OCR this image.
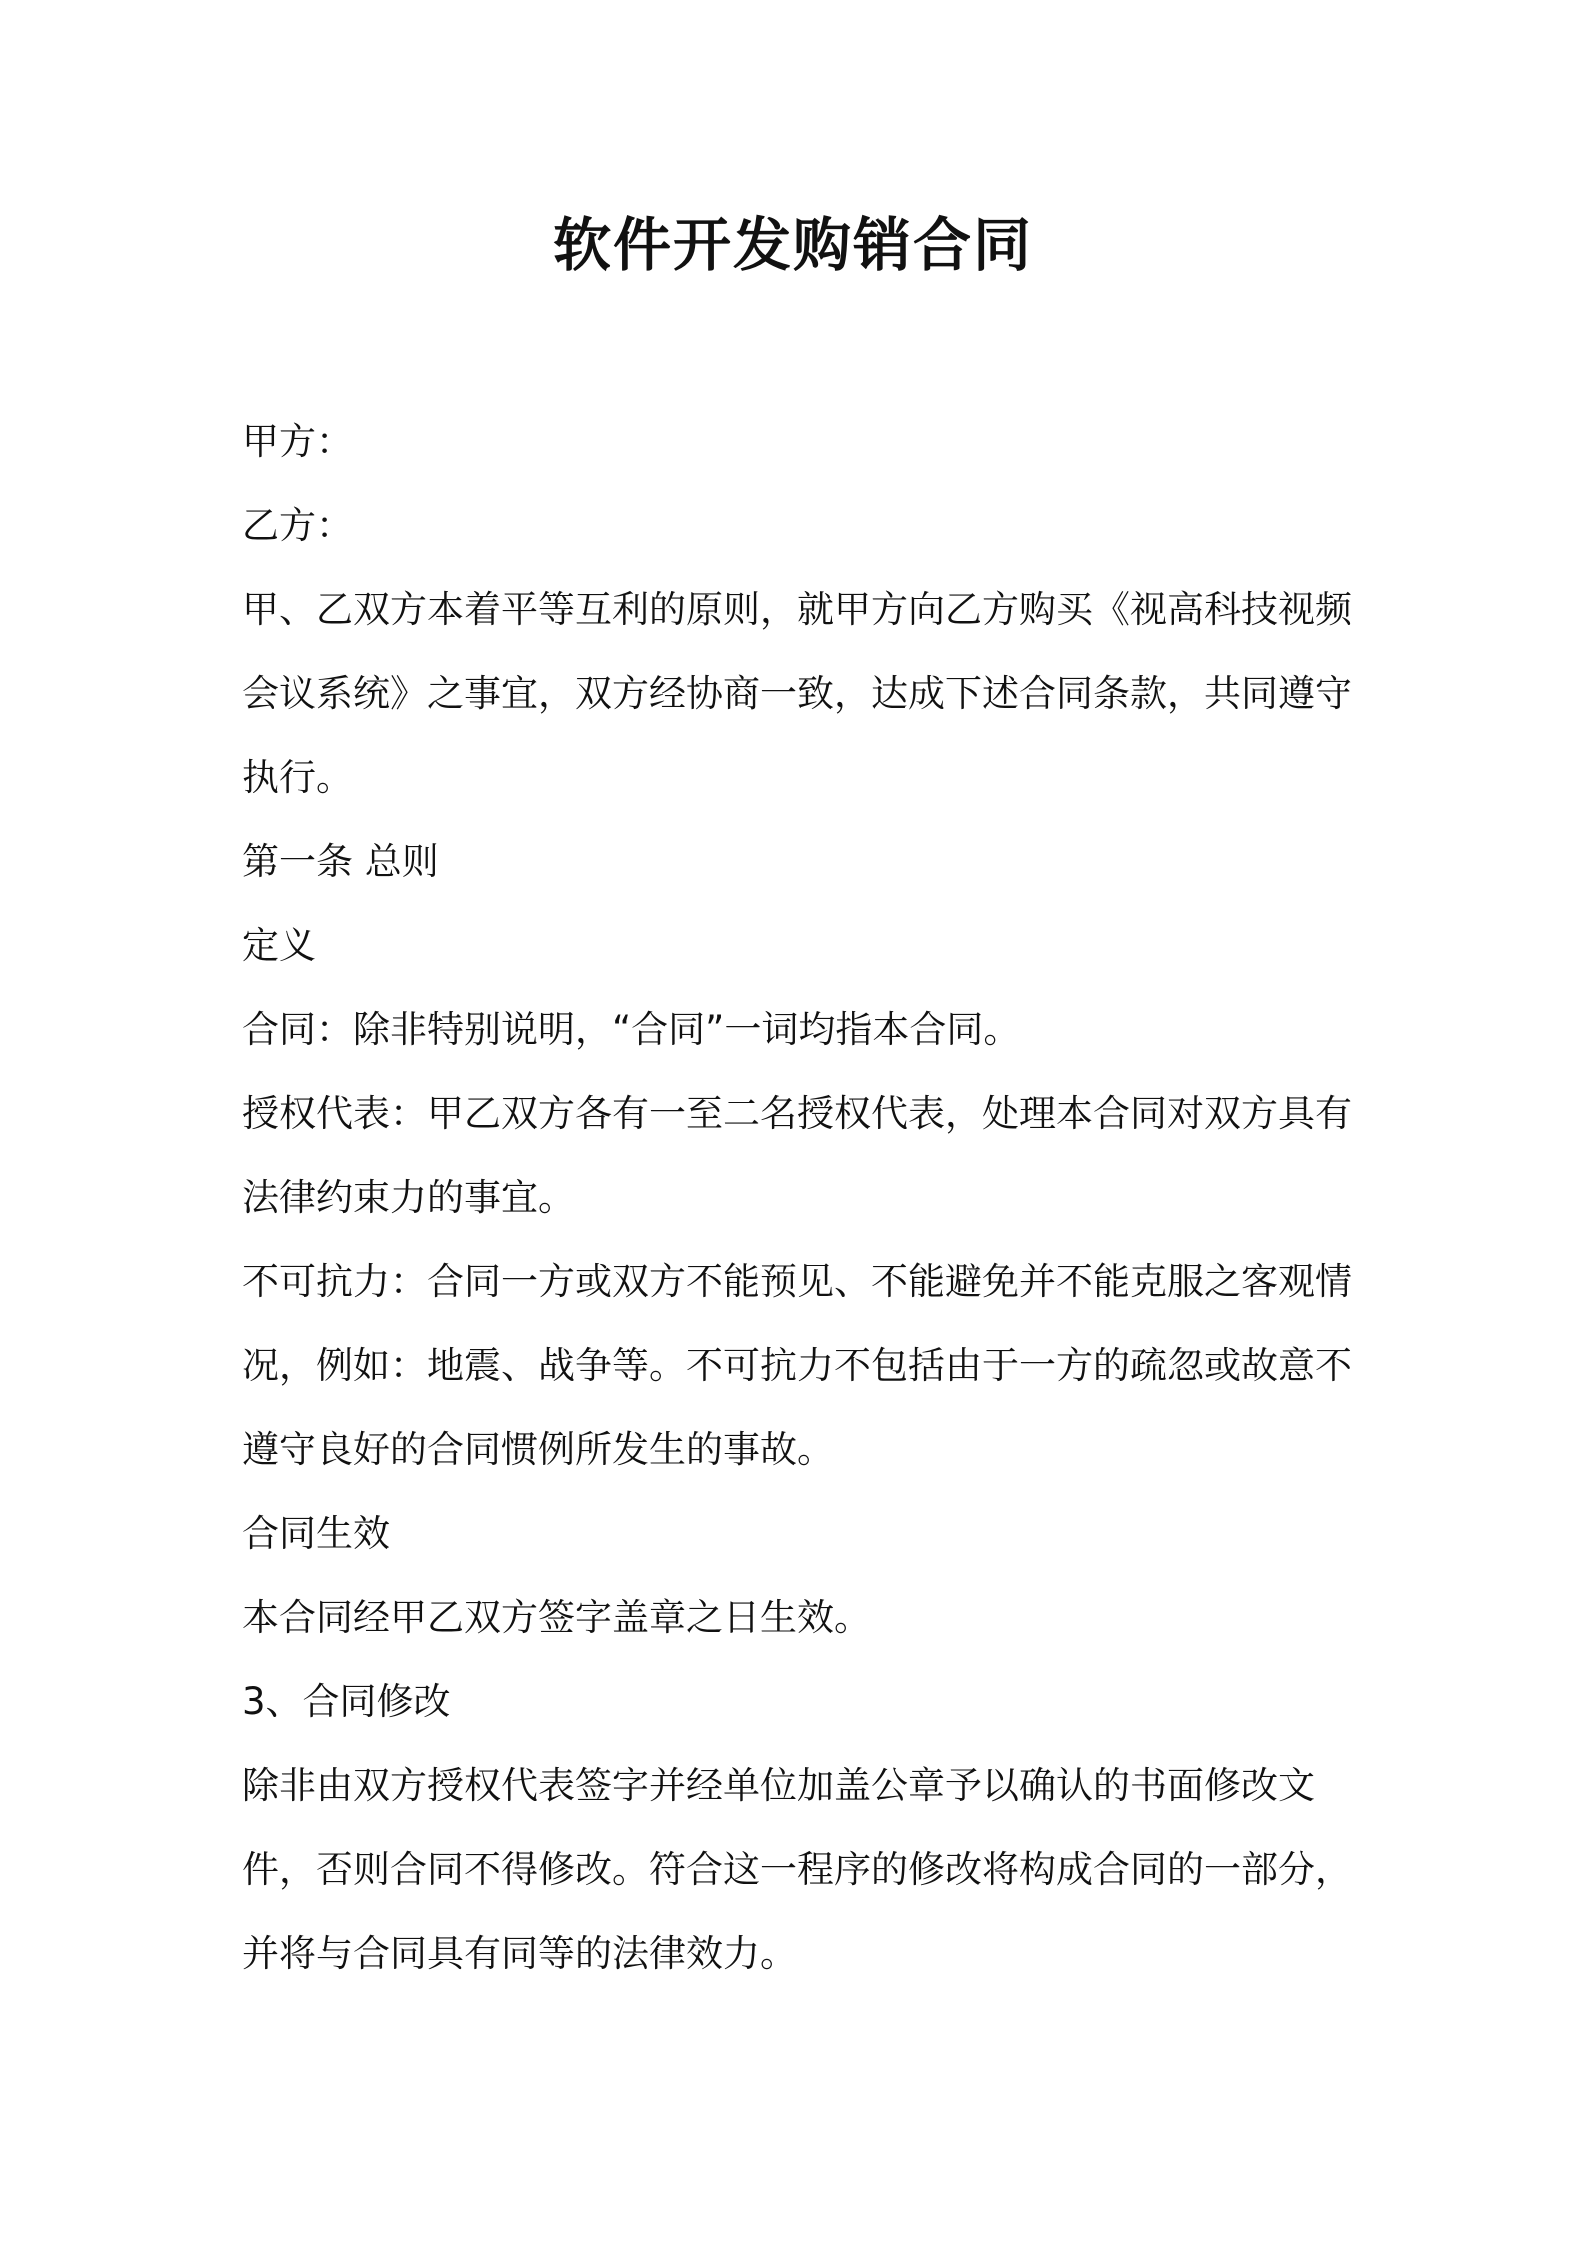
软件开发购销合同

甲方：

乙方：

甲、乙双方本着平等互利的原则，就甲方向乙方购买《视高科技视频

会议系统》之事宜，双方经协商一致，达成下述合同条款，共同遵守

执行。

第一条 总则

定义

合同：除非特别说明，“合同”一词均指本合同。

授权代表：甲乙双方各有一至二名授权代表，处理本合同对双方具有

法律约束力的事宜。

不可抗力：合同一方或双方不能预见、不能避免并不能克服之客观情

况，例如：地震、战争等。不可抗力不包括由于一方的疏忽或故意不

遵守良好的合同惯例所发生的事故。

合同生效

本合同经甲乙双方签字盖章之日生效。

3、合同修改

除非由双方授权代表签字并经单位加盖公章予以确认的书面修改文

件，否则合同不得修改。符合这一程序的修改将构成合同的一部分，

并将与合同具有同等的法律效力。
